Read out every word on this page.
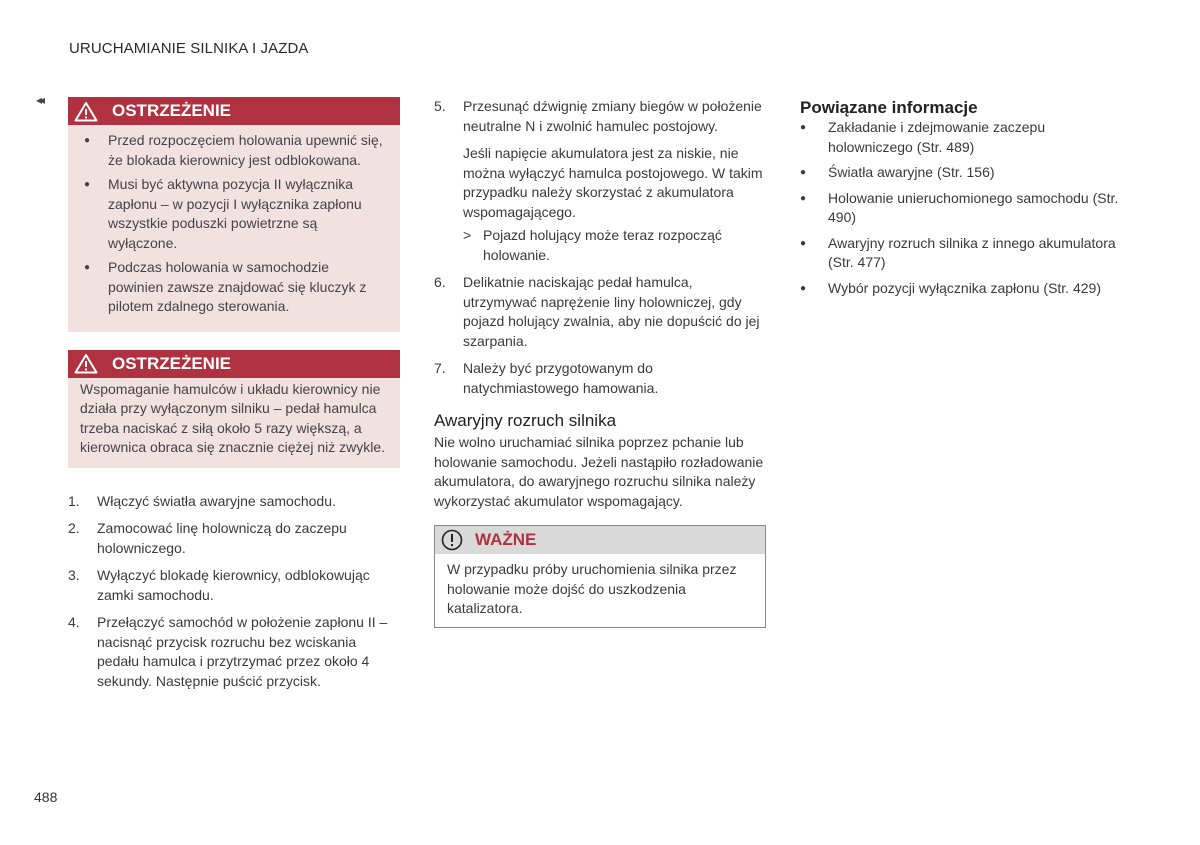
URUCHAMIANIE SILNIKA I JAZDA
◂◂
OSTRZEŻENIE
● Przed rozpoczęciem holowania upewnić się, że blokada kierownicy jest odblokowana.
● Musi być aktywna pozycja II wyłącznika zapłonu – w pozycji I wyłącznika zapłonu wszystkie poduszki powietrzne są wyłączone.
● Podczas holowania w samochodzie powinien zawsze znajdować się kluczyk z pilotem zdalnego sterowania.
OSTRZEŻENIE
Wspomaganie hamulców i układu kierownicy nie działa przy wyłączonym silniku – pedał hamulca trzeba naciskać z siłą około 5 razy większą, a kierownica obraca się znacznie ciężej niż zwykle.
1. Włączyć światła awaryjne samochodu.
2. Zamocować linę holowniczą do zaczepu holowniczego.
3. Wyłączyć blokadę kierownicy, odblokowując zamki samochodu.
4. Przełączyć samochód w położenie zapłonu II – nacisnąć przycisk rozruchu bez wciskania pedału hamulca i przytrzymać przez około 4 sekundy. Następnie puścić przycisk.
5. Przesunąć dźwignię zmiany biegów w położenie neutralne N i zwolnić hamulec postojowy.
Jeśli napięcie akumulatora jest za niskie, nie można wyłączyć hamulca postojowego. W takim przypadku należy skorzystać z akumulatora wspomagającego.
> Pojazd holujący może teraz rozpocząć holowanie.
6. Delikatnie naciskając pedał hamulca, utrzymywać naprężenie liny holowniczej, gdy pojazd holujący zwalnia, aby nie dopuścić do jej szarpania.
7. Należy być przygotowanym do natychmiastowego hamowania.
Awaryjny rozruch silnika

Nie wolno uruchamiać silnika poprzez pchanie lub holowanie samochodu. Jeżeli nastąpiło rozładowanie akumulatora, do awaryjnego rozruchu silnika należy wykorzystać akumulator wspomagający.

WAŻNE
W przypadku próby uruchomienia silnika przez holowanie może dojść do uszkodzenia katalizatora.
Powiązane informacje
● Zakładanie i zdejmowanie zaczepu holowniczego (Str. 489)
● Światła awaryjne (Str. 156)
● Holowanie unieruchomionego samochodu (Str. 490)
● Awaryjny rozruch silnika z innego akumulatora (Str. 477)
● Wybór pozycji wyłącznika zapłonu (Str. 429)
488
